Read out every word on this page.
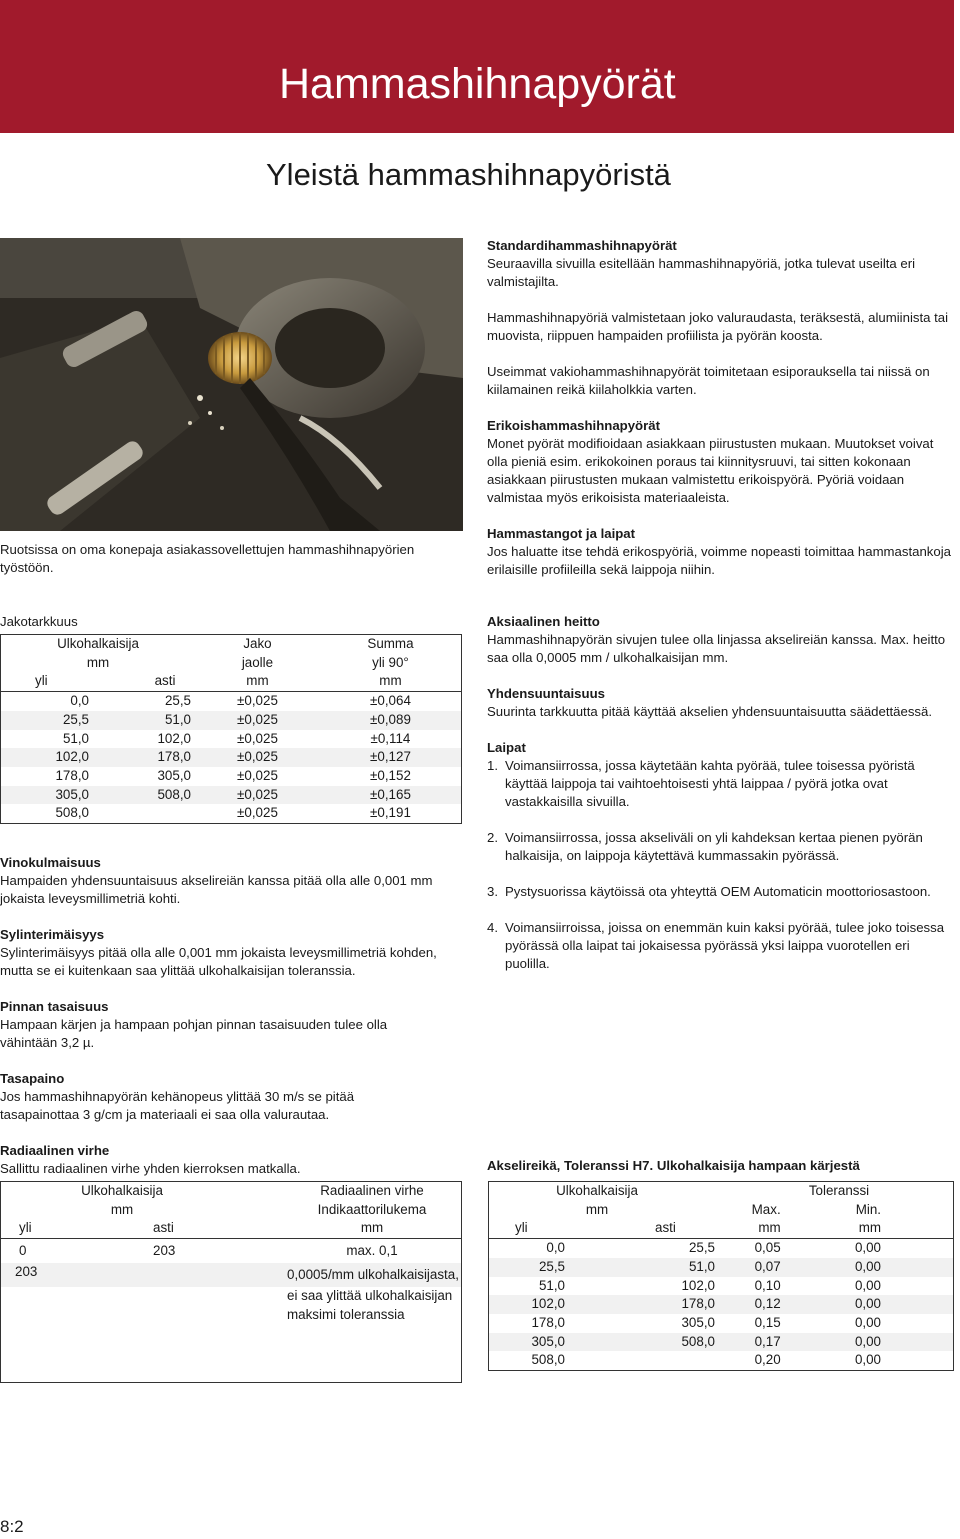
Hammashihnapyörät
Yleistä hammashihnapyöristä

Ruotsissa on oma konepaja asiakassovellettujen hammashihnapyörien työstöön.

Standardihammashihnapyörät

Seuraavilla sivuilla esitellään hammashihnapyöriä, jotka tulevat useilta eri valmistajilta.

Hammashihnapyöriä valmistetaan joko valuraudasta, teräksestä, alumiinista tai muovista, riippuen hampaiden profiilista ja pyörän koosta.

Useimmat vakiohammashihnapyörät toimitetaan esiporauksella tai niissä on kiilamainen reikä kiilaholkkia varten.

Erikoishammashihnapyörät

Monet pyörät modifioidaan asiakkaan piirustusten mukaan. Muutokset voivat olla pieniä esim. erikokoinen poraus tai kiinnitysruuvi, tai sitten kokonaan asiakkaan piirustusten mukaan valmistettu erikoispyörä. Pyöriä voidaan valmistaa myös erikoisista materiaaleista.

Hammastangot ja laipat

Jos haluatte itse tehdä erikospyöriä, voimme nopeasti toimittaa hammastankoja erilaisille profiileilla sekä laippoja niihin.

Jakotarkkuus

Ulkohalkaisija		Jako	Summa
mm		jaolle	yli 90°
yli	asti	mm	mm
0,0	25,5	±0,025	±0,064
25,5	51,0	±0,025	±0,089
51,0	102,0	±0,025	±0,114
102,0	178,0	±0,025	±0,127
178,0	305,0	±0,025	±0,152
305,0	508,0	±0,025	±0,165
508,0		±0,025	±0,191

Vinokulmaisuus

Hampaiden yhdensuuntaisuus akselireiän kanssa pitää olla alle 0,001 mm jokaista leveysmillimetriä kohti.

Sylinterimäisyys

Sylinterimäisyys pitää olla alle 0,001 mm jokaista leveysmillimetriä kohden, mutta se ei kuitenkaan saa ylittää ulkohalkaisijan toleranssia.

Pinnan tasaisuus

Hampaan kärjen ja hampaan pohjan pinnan tasaisuuden tulee olla vähintään 3,2 µ.

Tasapaino

Jos hammashihnapyörän kehänopeus ylittää 30 m/s se pitää tasapainottaa 3 g/cm ja materiaali ei saa olla valurautaa.

Radiaalinen virhe

Sallittu radiaalinen virhe yhden kierroksen matkalla.

Ulkohalkaisija		Radiaalinen virhe
mm		Indikaattorilukema
yli	asti	mm
0	203	max. 0,1
203		0,0005/mm ulkohalkaisijasta,
		ei saa ylittää ulkohalkaisijan
		maksimi toleranssia

Aksiaalinen heitto

Hammashihnapyörän sivujen tulee olla linjassa akselireiän kanssa. Max. heitto saa olla 0,0005 mm / ulkohalkaisijan mm.

Yhdensuuntaisuus

Suurinta tarkkuutta pitää käyttää akselien yhdensuuntaisuutta säädettäessä.

Laipat

1. Voimansiirrossa, jossa käytetään kahta pyörää, tulee toisessa pyöristä käyttää laippoja tai vaihtoehtoisesti yhtä laippaa / pyörä jotka ovat vastakkaisilla sivuilla.
2. Voimansiirrossa, jossa akseliväli on yli kahdeksan kertaa pienen pyörän halkaisija, on laippoja käytettävä kummassakin pyörässä.
3. Pystysuorissa käytöissä ota yhteyttä OEM Automaticin moottoriosastoon.
4. Voimansiirroissa, joissa on enemmän kuin kaksi pyörää, tulee joko toisessa pyörässä olla laipat tai jokaisessa pyörässä yksi laippa vuorotellen eri puolilla.

Akselireikä, Toleranssi H7. Ulkohalkaisija hampaan kärjestä

Ulkohalkaisija		Toleranssi	
mm		Max.	Min.
yli	asti	mm	mm
0,0	25,5	0,05	0,00
25,5	51,0	0,07	0,00
51,0	102,0	0,10	0,00
102,0	178,0	0,12	0,00
178,0	305,0	0,15	0,00
305,0	508,0	0,17	0,00
508,0		0,20	0,00
8:2
